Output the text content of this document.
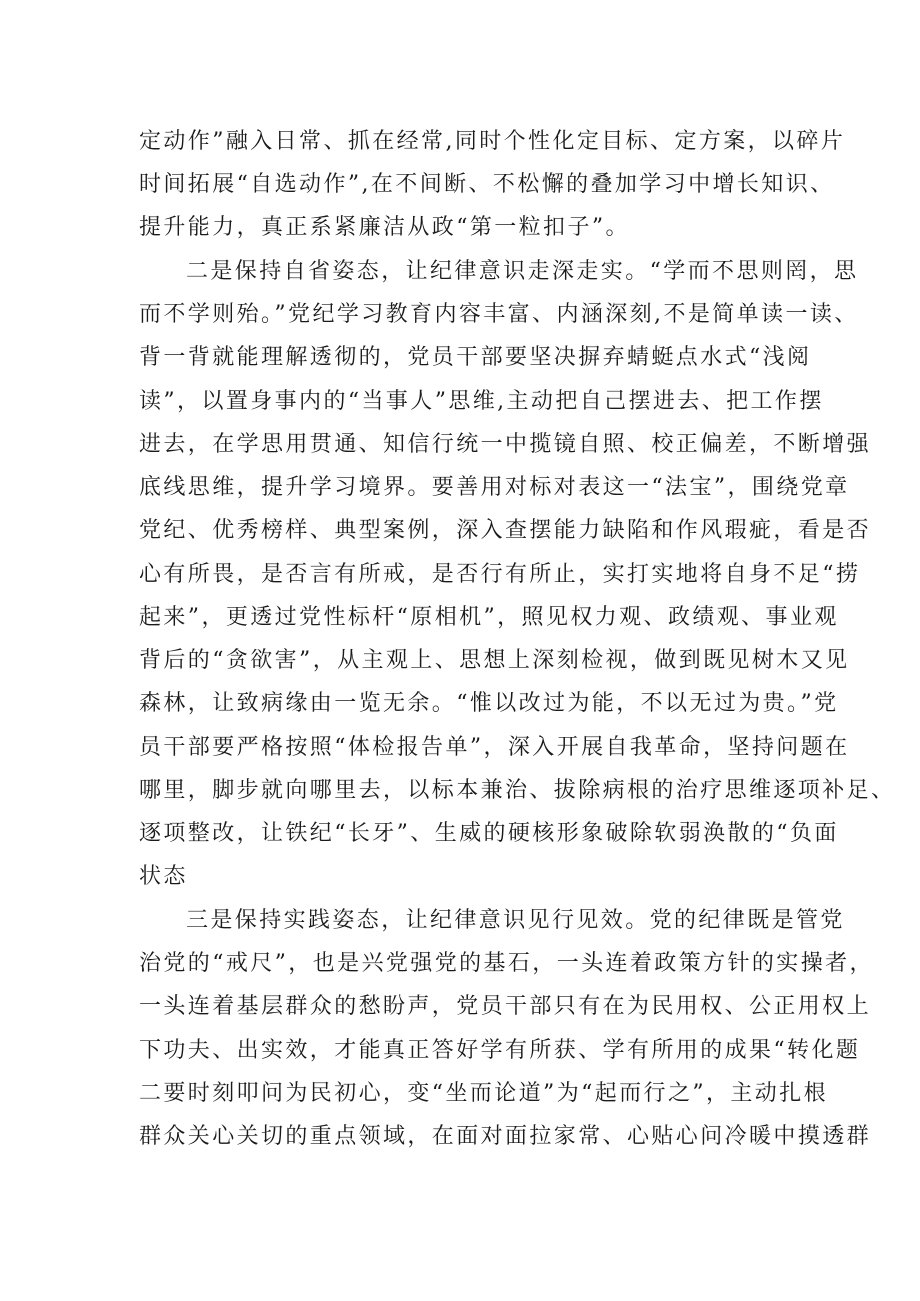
定动作”融入日常、抓在经常,同时个性化定目标、定方案，以碎片
时间拓展“自选动作”,在不间断、不松懈的叠加学习中增长知识、
提升能力，真正系紧廉洁从政“第一粒扣子”。
二是保持自省姿态，让纪律意识走深走实。“学而不思则罔，思
而不学则殆。”党纪学习教育内容丰富、内涵深刻,不是简单读一读、
背一背就能理解透彻的，党员干部要坚决摒弃蜻蜓点水式“浅阅
读”，以置身事内的“当事人”思维,主动把自己摆进去、把工作摆
进去，在学思用贯通、知信行统一中揽镜自照、校正偏差，不断增强
底线思维，提升学习境界。要善用对标对表这一“法宝”，围绕党章
党纪、优秀榜样、典型案例，深入查摆能力缺陷和作风瑕疵，看是否
心有所畏，是否言有所戒，是否行有所止，实打实地将自身不足“捞
起来”，更透过党性标杆“原相机”，照见权力观、政绩观、事业观
背后的“贪欲害”，从主观上、思想上深刻检视，做到既见树木又见
森林，让致病缘由一览无余。“惟以改过为能，不以无过为贵。”党
员干部要严格按照“体检报告单”，深入开展自我革命，坚持问题在
哪里，脚步就向哪里去，以标本兼治、拔除病根的治疗思维逐项补足、
逐项整改，让铁纪“长牙”、生威的硬核形象破除软弱涣散的“负面
状态
三是保持实践姿态，让纪律意识见行见效。党的纪律既是管党
治党的“戒尺”，也是兴党强党的基石，一头连着政策方针的实操者，
一头连着基层群众的愁盼声，党员干部只有在为民用权、公正用权上
下功夫、出实效，才能真正答好学有所获、学有所用的成果“转化题
二要时刻叩问为民初心，变“坐而论道”为“起而行之”，主动扎根
群众关心关切的重点领域，在面对面拉家常、心贴心问冷暖中摸透群
